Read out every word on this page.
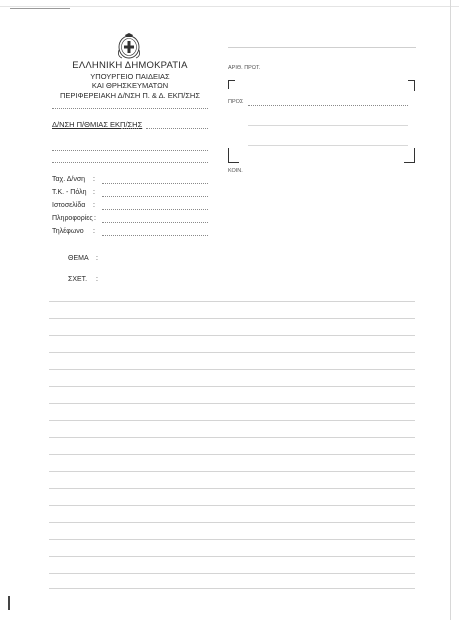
ΕΛΛΗΝΙΚΗ ΔΗΜΟΚΡΑΤΙΑ
ΥΠΟΥΡΓΕΙΟ ΠΑΙΔΕΙΑΣ
ΚΑΙ ΘΡΗΣΚΕΥΜΑΤΩΝ
ΠΕΡΙΦΕΡΕΙΑΚΗ Δ/ΝΣΗ Π. & Δ. ΕΚΠ/ΣΗΣ
Δ/ΝΣΗ Π/ΘΜΙΑΣ ΕΚΠ/ΣΗΣ
Ταχ. Δ/νση :
Τ.Κ. - Πόλη :
Ιστοσελίδα :
Πληροφορίες :
Τηλέφωνο :
ΑΡΙΘ. ΠΡΩΤ.
ΠΡΟΣ
ΚΟΙΝ.
ΘΕΜΑ :
ΣΧΕΤ. :
